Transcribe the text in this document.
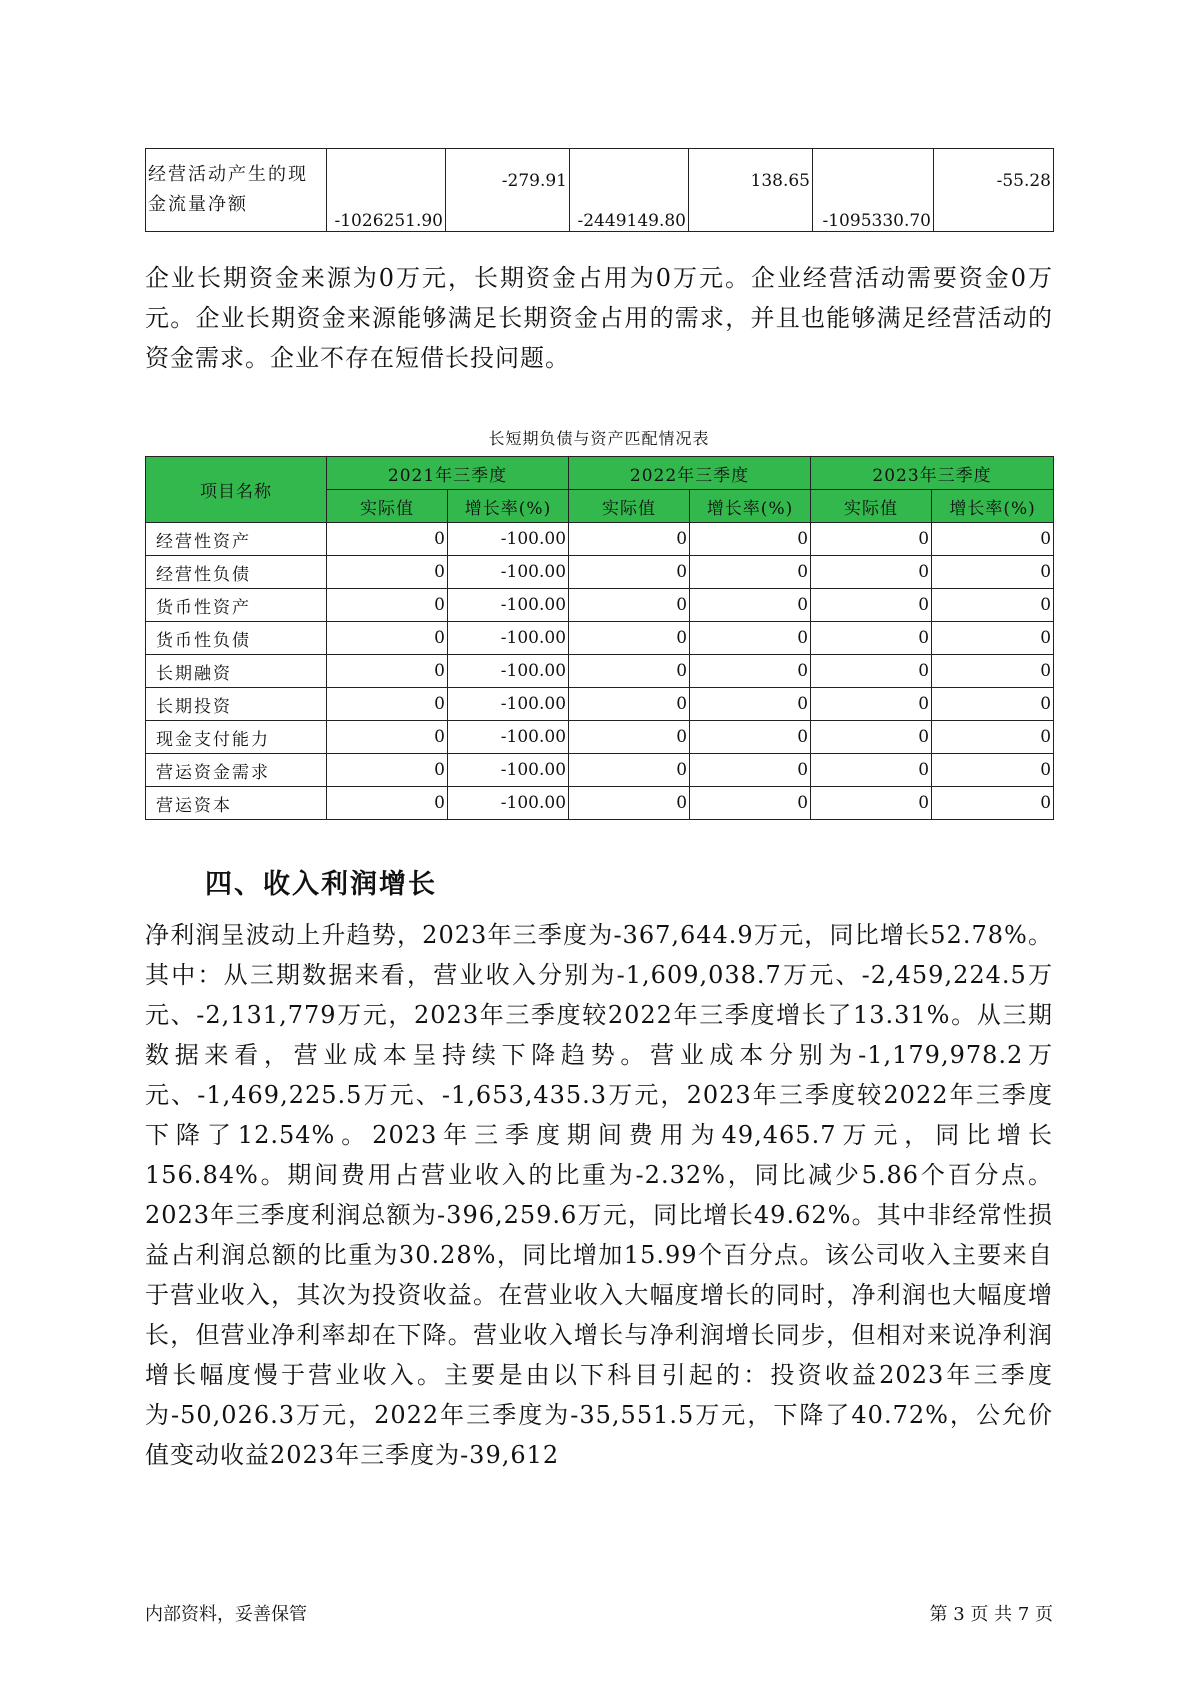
经营活动产生的现金流量净额	-1026251.90	-279.91	-2449149.80	138.65	-1095330.70	-55.28
企业长期资金来源为0万元，长期资金占用为0万元。企业经营活动需要资金0万元。企业长期资金来源能够满足长期资金占用的需求，并且也能够满足经营活动的资金需求。企业不存在短借长投问题。
长短期负债与资产匹配情况表
项目名称	2021年三季度		2022年三季度		2023年三季度	
	实际值	增长率(%)	实际值	增长率(%)	实际值	增长率(%)
经营性资产	0	-100.00	0	0	0	0
经营性负债	0	-100.00	0	0	0	0
货币性资产	0	-100.00	0	0	0	0
货币性负债	0	-100.00	0	0	0	0
长期融资	0	-100.00	0	0	0	0
长期投资	0	-100.00	0	0	0	0
现金支付能力	0	-100.00	0	0	0	0
营运资金需求	0	-100.00	0	0	0	0
营运资本	0	-100.00	0	0	0	0
四、收入利润增长
净利润呈波动上升趋势，2023年三季度为-367,644.9万元，同比增长52.78%。其中：从三期数据来看，营业收入分别为-1,609,038.7万元、-2,459,224.5万元、-2,131,779万元，2023年三季度较2022年三季度增长了13.31%。从三期数据来看，营业成本呈持续下降趋势。营业成本分别为-1,179,978.2万元、-1,469,225.5万元、-1,653,435.3万元，2023年三季度较2022年三季度下降了12.54%。2023年三季度期间费用为49,465.7万元，同比增长156.84%。期间费用占营业收入的比重为-2.32%，同比减少5.86个百分点。2023年三季度利润总额为-396,259.6万元，同比增长49.62%。其中非经常性损益占利润总额的比重为30.28%，同比增加15.99个百分点。该公司收入主要来自于营业收入，其次为投资收益。在营业收入大幅度增长的同时，净利润也大幅度增长，但营业净利率却在下降。营业收入增长与净利润增长同步，但相对来说净利润增长幅度慢于营业收入。主要是由以下科目引起的：投资收益2023年三季度为-50,026.3万元，2022年三季度为-35,551.5万元，下降了40.72%，公允价值变动收益2023年三季度为-39,612
内部资料，妥善保管	第 3 页 共 7 页
